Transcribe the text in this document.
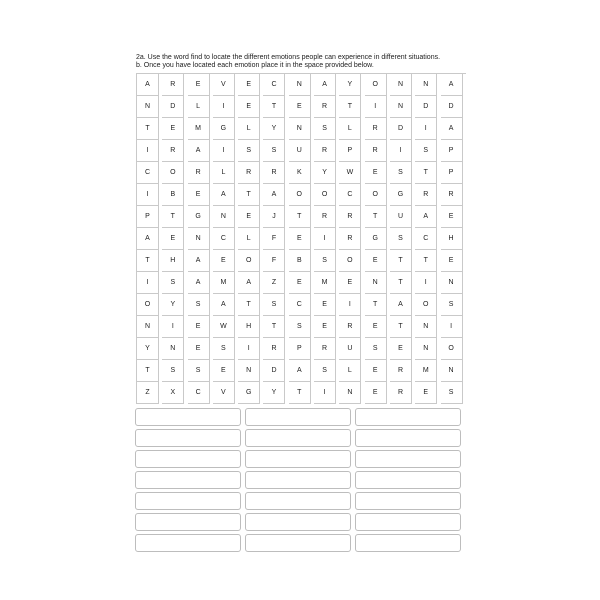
2a. Use the word find to locate the different emotions people can experience in different situations.
b. Once you have located each emotion place it in the space provided below.
A	R	E	V	E	C	N	A	Y	O	N	N	A
N	D	L	I	E	T	E	R	T	I	N	D	D
T	E	M	G	L	Y	N	S	L	R	D	I	A
I	R	A	I	S	S	U	R	P	R	I	S	P
C	O	R	L	R	R	K	Y	W	E	S	T	P
I	B	E	A	T	A	O	O	C	O	G	R	R
P	T	G	N	E	J	T	R	R	T	U	A	E
A	E	N	C	L	F	E	I	R	G	S	C	H
T	H	A	E	O	F	B	S	O	E	T	T	E
I	S	A	M	A	Z	E	M	E	N	T	I	N
O	Y	S	A	T	S	C	E	I	T	A	O	S
N	I	E	W	H	T	S	E	R	E	T	N	I
Y	N	E	S	I	R	P	R	U	S	E	N	O
T	S	S	E	N	D	A	S	L	E	R	M	N
Z	X	C	V	G	Y	T	I	N	E	R	E	S
